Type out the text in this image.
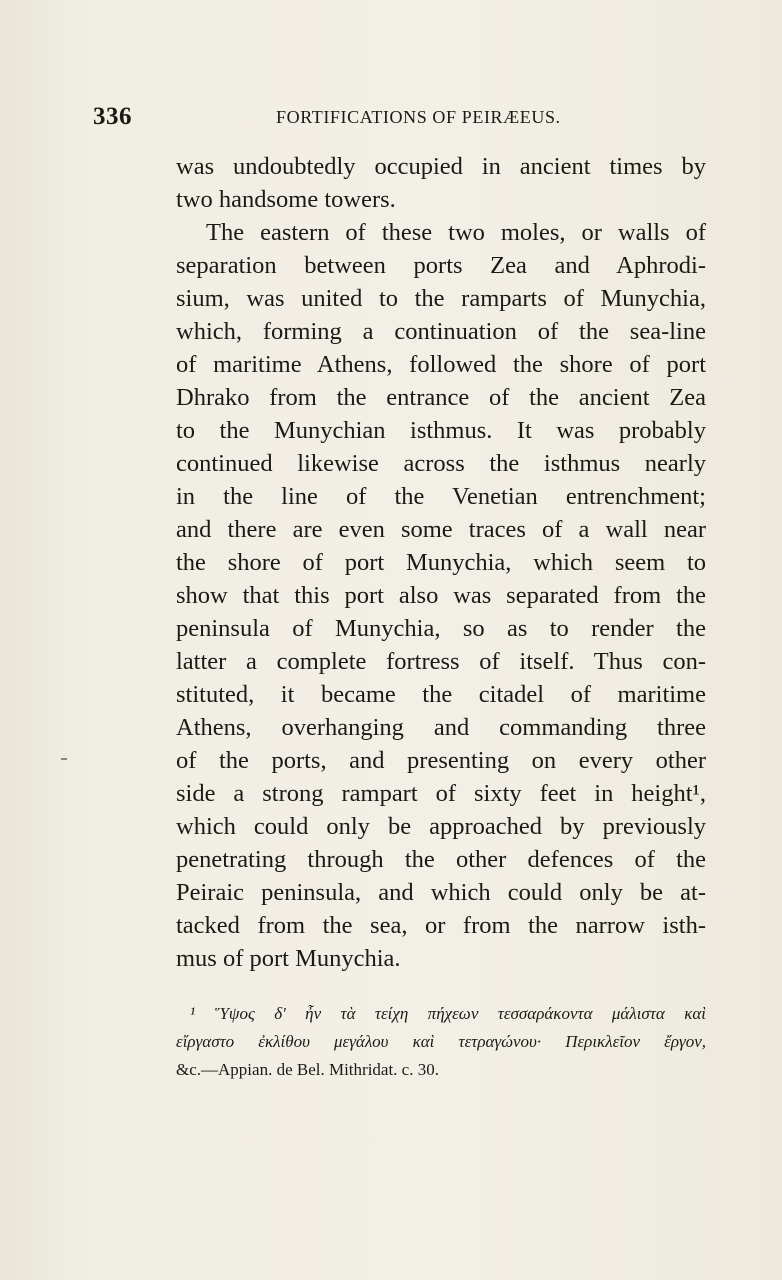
336	FORTIFICATIONS OF PEIRÆEUS.
was undoubtedly occupied in ancient times by
two handsome towers.
The eastern of these two moles, or walls of
separation between ports Zea and Aphrodi-
sium, was united to the ramparts of Munychia,
which, forming a continuation of the sea-line
of maritime Athens, followed the shore of port
Dhrako from the entrance of the ancient Zea
to the Munychian isthmus. It was probably
continued likewise across the isthmus nearly
in the line of the Venetian entrenchment;
and there are even some traces of a wall near
the shore of port Munychia, which seem to
show that this port also was separated from the
peninsula of Munychia, so as to render the
latter a complete fortress of itself. Thus con-
stituted, it became the citadel of maritime
Athens, overhanging and commanding three
of the ports, and presenting on every other
side a strong rampart of sixty feet in height¹,
which could only be approached by previously
penetrating through the other defences of the
Peiraic peninsula, and which could only be at-
tacked from the sea, or from the narrow isth-
mus of port Munychia.
¹ Ὕψος δ' ἦν τὰ τείχη πήχεων τεσσαράκοντα μάλιστα καὶ
εἴργαστο ἐκλίθου μεγάλου καὶ τετραγώνου· Περικλεῖον ἔργον,
&c.—Appian. de Bel. Mithridat. c. 30.
